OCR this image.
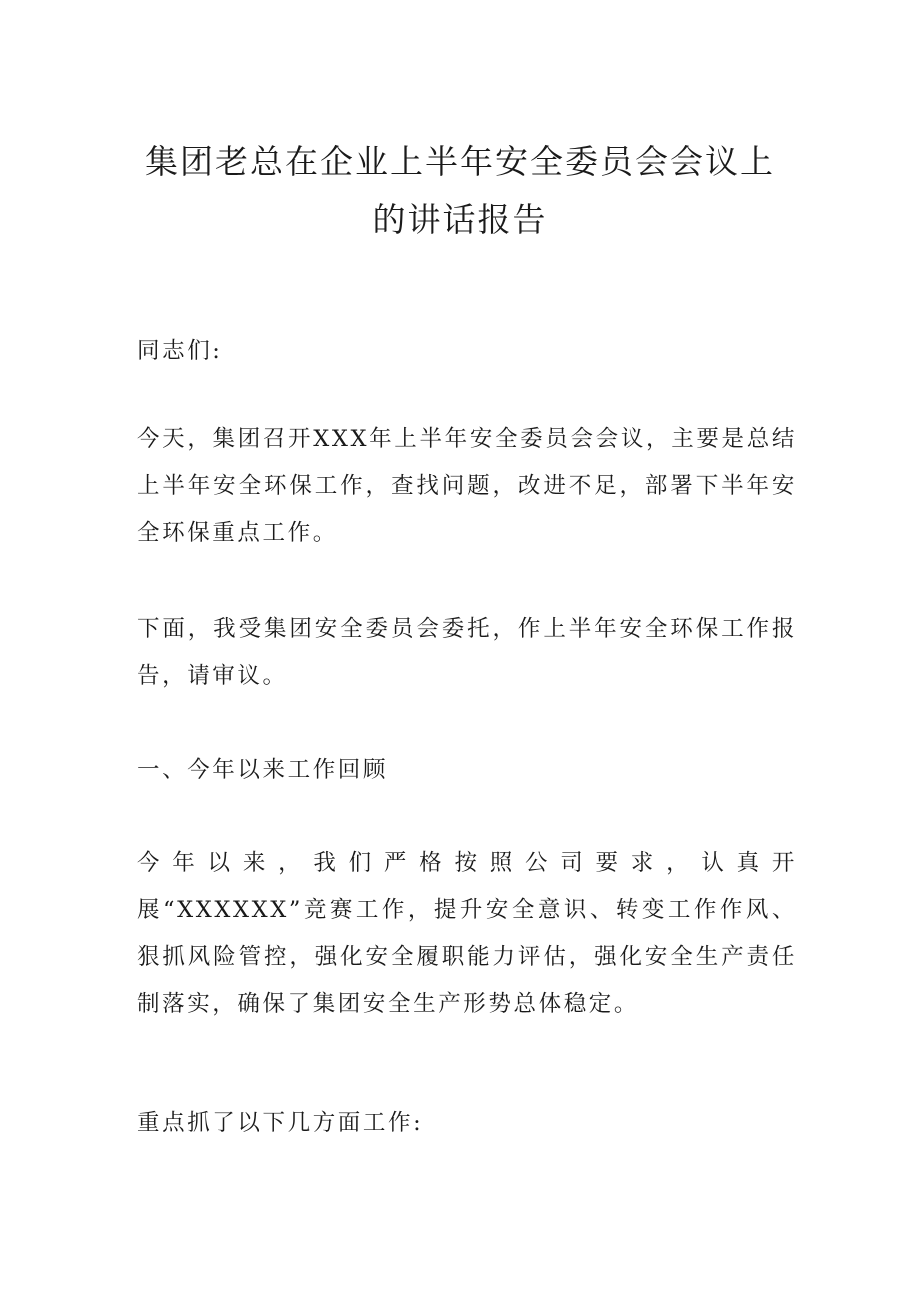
集团老总在企业上半年安全委员会会议上
的讲话报告

同志们:

今天，集团召开XXX年上半年安全委员会会议，主要是总结上半年安全环保工作，查找问题，改进不足，部署下半年安全环保重点工作。

下面，我受集团安全委员会委托，作上半年安全环保工作报告，请审议。

一、今年以来工作回顾

今年以来，我们严格按照公司要求，认真开展“XXXXXX”竞赛工作，提升安全意识、转变工作作风、狠抓风险管控，强化安全履职能力评估，强化安全生产责任制落实，确保了集团安全生产形势总体稳定。

重点抓了以下几方面工作:
